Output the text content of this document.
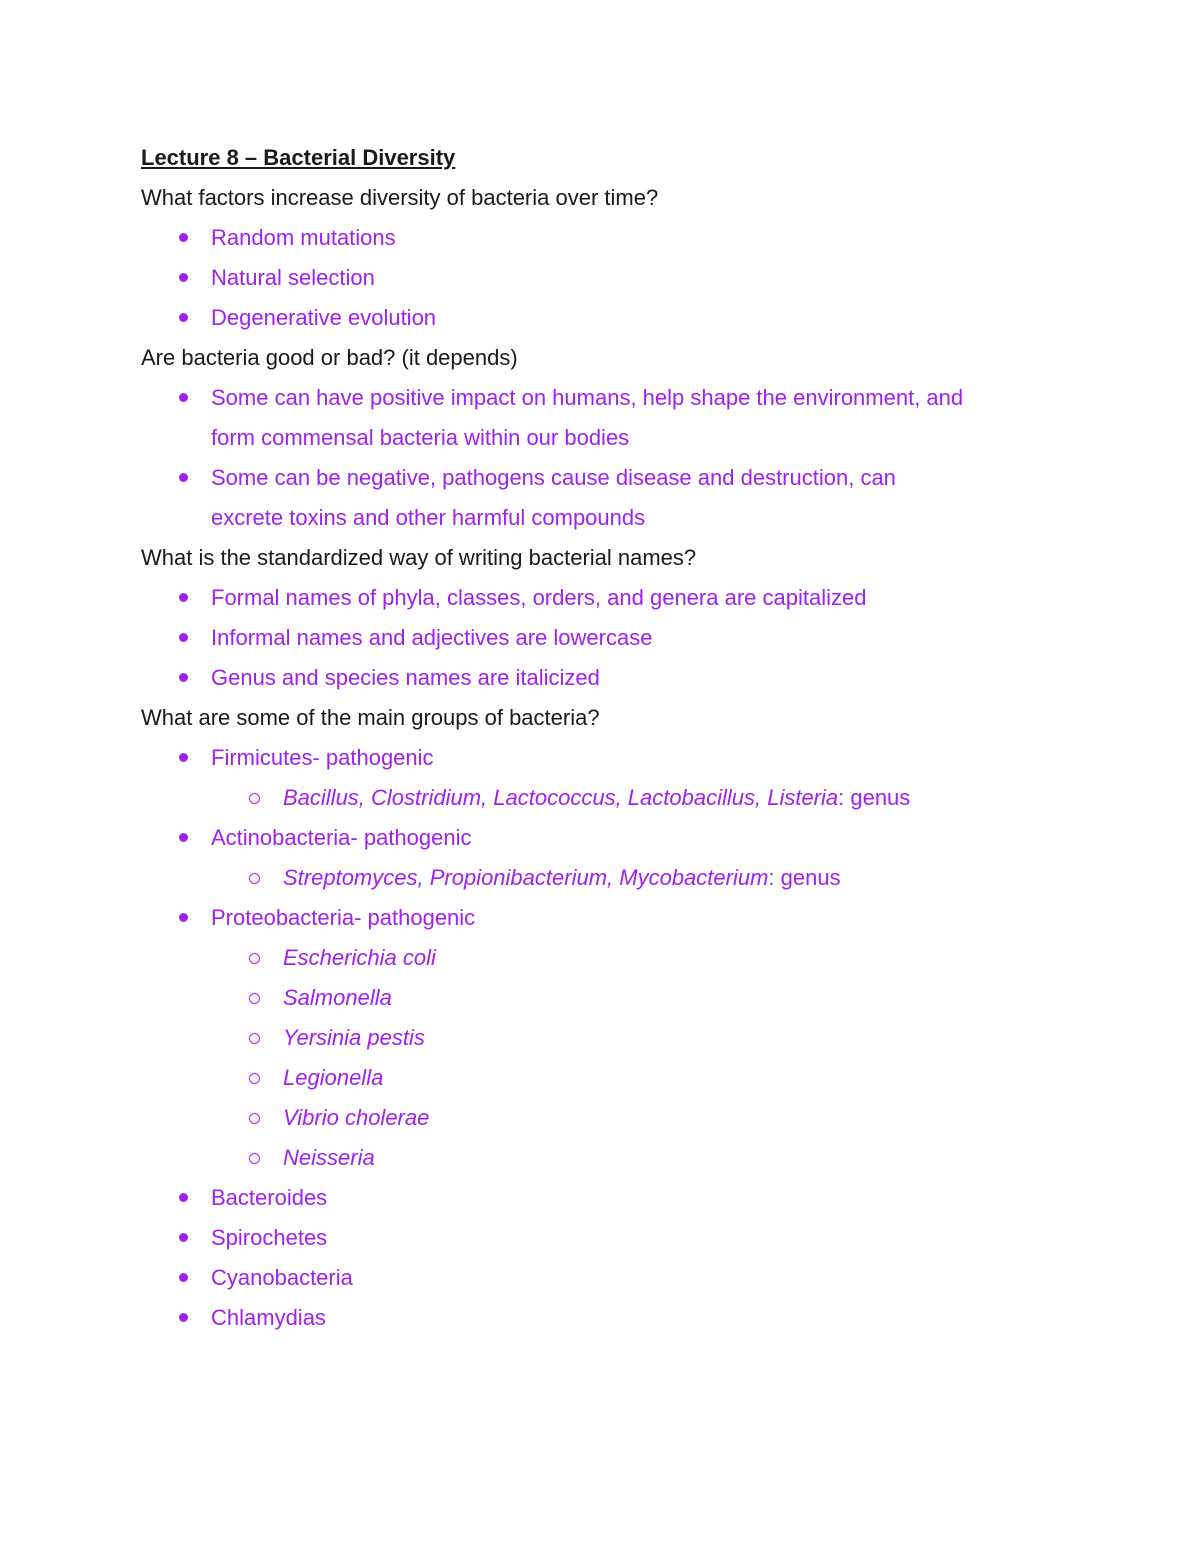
Lecture 8 – Bacterial Diversity

What factors increase diversity of bacteria over time?

Random mutations
Natural selection
Degenerative evolution

Are bacteria good or bad? (it depends)

Some can have positive impact on humans, help shape the environment, and form commensal bacteria within our bodies
Some can be negative, pathogens cause disease and destruction, can excrete toxins and other harmful compounds

What is the standardized way of writing bacterial names?

Formal names of phyla, classes, orders, and genera are capitalized
Informal names and adjectives are lowercase
Genus and species names are italicized

What are some of the main groups of bacteria?

Firmicutes- pathogenic
Bacillus, Clostridium, Lactococcus, Lactobacillus, Listeria: genus
Actinobacteria- pathogenic
Streptomyces, Propionibacterium, Mycobacterium: genus
Proteobacteria- pathogenic
Escherichia coli
Salmonella
Yersinia pestis
Legionella
Vibrio cholerae
Neisseria
Bacteroides
Spirochetes
Cyanobacteria
Chlamydias
